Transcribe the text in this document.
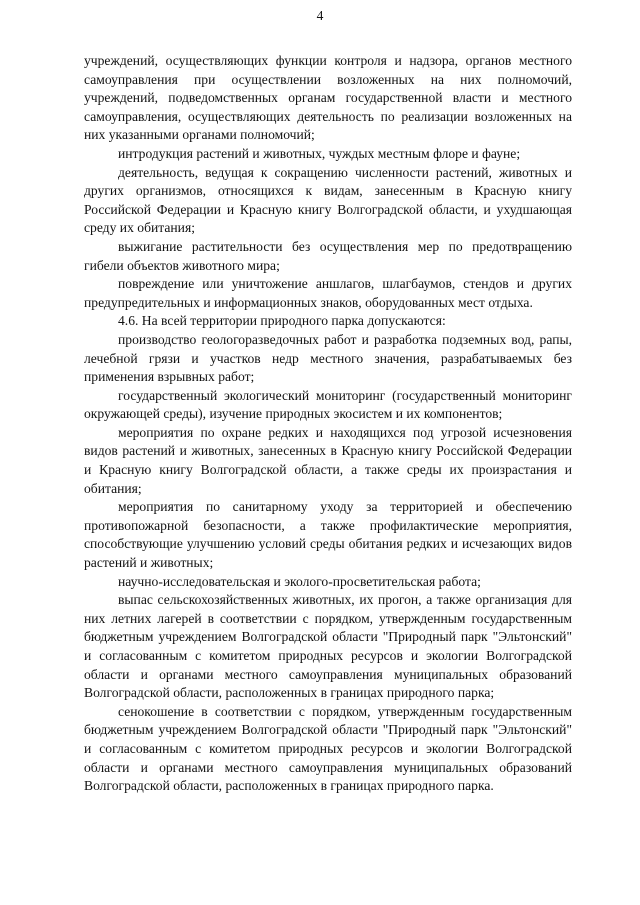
4

учреждений, осуществляющих функции контроля и надзора, органов местного самоуправления при осуществлении возложенных на них полномочий, учреждений, подведомственных органам государственной власти и местного самоуправления, осуществляющих деятельность по реализации возложенных на них указанными органами полномочий;

интродукция растений и животных, чуждых местным флоре и фауне;

деятельность, ведущая к сокращению численности растений, животных и других организмов, относящихся к видам, занесенным в Красную книгу Российской Федерации и Красную книгу Волгоградской области, и ухудшающая среду их обитания;

выжигание растительности без осуществления мер по предотвращению гибели объектов животного мира;

повреждение или уничтожение аншлагов, шлагбаумов, стендов и других предупредительных и информационных знаков, оборудованных мест отдыха.

4.6. На всей территории природного парка допускаются:

производство геологоразведочных работ и разработка подземных вод, рапы, лечебной грязи и участков недр местного значения, разрабатываемых без применения взрывных работ;

государственный экологический мониторинг (государственный мониторинг окружающей среды), изучение природных экосистем и их компонентов;

мероприятия по охране редких и находящихся под угрозой исчезновения видов растений и животных, занесенных в Красную книгу Российской Федерации и Красную книгу Волгоградской области, а также среды их произрастания и обитания;

мероприятия по санитарному уходу за территорией и обеспечению противопожарной безопасности, а также профилактические мероприятия, способствующие улучшению условий среды обитания редких и исчезающих видов растений и животных;

научно-исследовательская и эколого-просветительская работа;

выпас сельскохозяйственных животных, их прогон, а также организация для них летних лагерей в соответствии с порядком, утвержденным государственным бюджетным учреждением Волгоградской области "Природный парк "Эльтонский" и согласованным с комитетом природных ресурсов и экологии Волгоградской области и органами местного самоуправления муниципальных образований Волгоградской области, расположенных в границах природного парка;

сенокошение в соответствии с порядком, утвержденным государственным бюджетным учреждением Волгоградской области "Природный парк "Эльтонский" и согласованным с комитетом природных ресурсов и экологии Волгоградской области и органами местного самоуправления муниципальных образований Волгоградской области, расположенных в границах природного парка.
